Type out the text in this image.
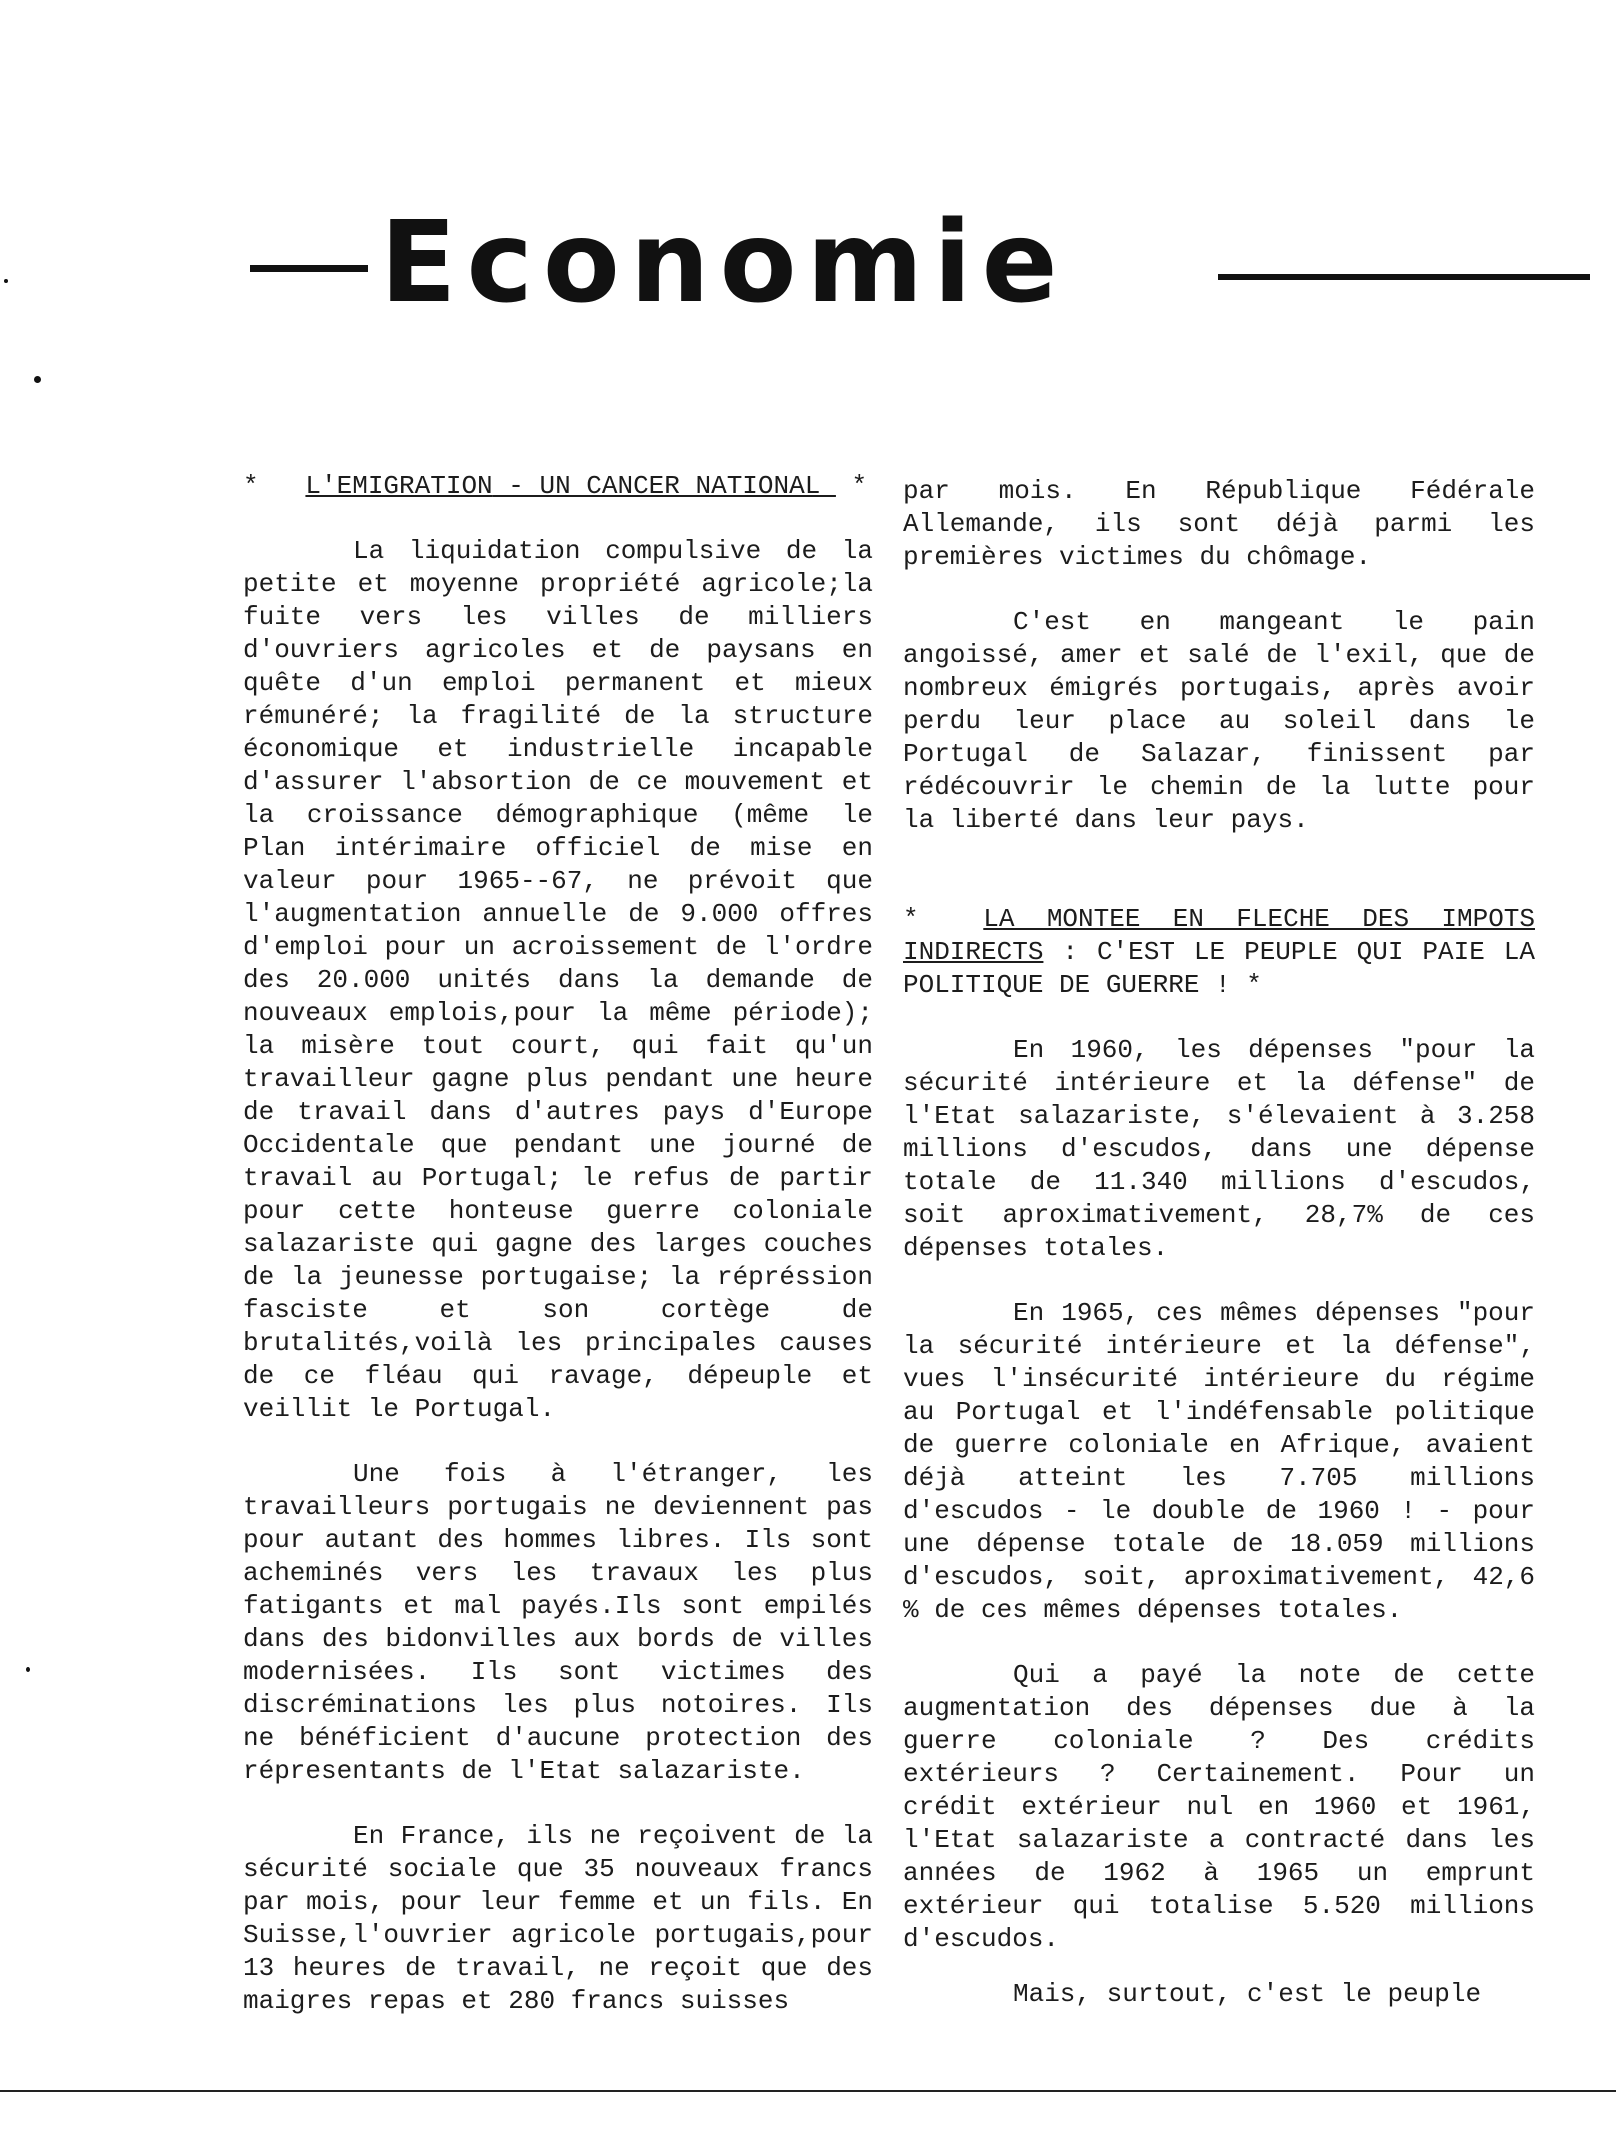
Economie

* L'EMIGRATION - UN CANCER NATIONAL  *

La liquidation compulsive de la petite et moyenne propriété agricole;la fuite vers les villes de milliers d'ouvriers agricoles et de paysans en quête d'un emploi permanent et mieux rémunéré; la fragilité de la structure économique et industrielle incapable d'assurer l'absortion de ce mouvement et la croissance démographique (même le Plan intérimaire officiel de mise en valeur pour 1965--67, ne prévoit que l'augmentation annuelle de 9.000 offres d'emploi pour un acroissement de l'ordre des 20.000 unités dans la demande de nouveaux emplois,pour la même période); la misère tout court, qui fait qu'un travailleur gagne plus pendant une heure de travail dans d'autres pays d'Europe Occidentale que pendant une journé de travail au Portugal; le refus de partir pour cette honteuse guerre coloniale salazariste qui gagne des larges couches de la jeunesse portugaise; la répréssion fasciste et son cortège de brutalités,voilà les principales causes de ce fléau qui ravage, dépeuple et veillit le Portugal.

Une fois à l'étranger, les travailleurs portugais ne deviennent pas pour autant des hommes libres. Ils sont acheminés vers les travaux les plus fatigants et mal payés.Ils sont empilés dans des bidonvilles aux bords de villes modernisées. Ils sont victimes des discréminations les plus notoires. Ils ne bénéficient d'aucune protection des répresentants de l'Etat salazariste.

En France, ils ne reçoivent de la sécurité sociale que 35 nouveaux francs par mois, pour leur femme et un fils. En Suisse,l'ouvrier agricole portugais,pour 13 heures de travail, ne reçoit que des maigres repas et 280 francs suisses

par mois. En République Fédérale Allemande, ils sont déjà parmi les premières victimes du chômage.

C'est en mangeant le pain angoissé, amer et salé de l'exil, que de nombreux émigrés portugais, après avoir perdu leur place au soleil dans le Portugal de Salazar, finissent par rédécouvrir le chemin de la lutte pour la liberté dans leur pays.

* LA MONTEE EN FLECHE DES IMPOTS INDIRECTS : C'EST LE PEUPLE QUI PAIE LA POLITIQUE DE GUERRE ! *

En 1960, les dépenses "pour la sécurité intérieure et la défense" de l'Etat salazariste, s'élevaient à 3.258 millions d'escudos, dans une dépense totale de 11.340 millions d'escudos, soit aproximativement, 28,7% de ces dépenses totales.

En 1965, ces mêmes dépenses "pour la sécurité intérieure et la défense", vues l'insécurité intérieure du régime au Portugal et l'indéfensable politique de guerre coloniale en Afrique, avaient déjà atteint les 7.705 millions d'escudos - le double de 1960 ! - pour une dépense totale de 18.059 millions d'escudos, soit, aproximativement, 42,6 % de ces mêmes dépenses totales.

Qui a payé la note de cette augmentation des dépenses due à la guerre coloniale ? Des crédits extérieurs ? Certainement. Pour un crédit extérieur nul en 1960 et 1961, l'Etat salazariste a contracté dans les années de 1962 à 1965 un emprunt extérieur qui totalise 5.520 millions d'escudos.

Mais, surtout, c'est le peuple
